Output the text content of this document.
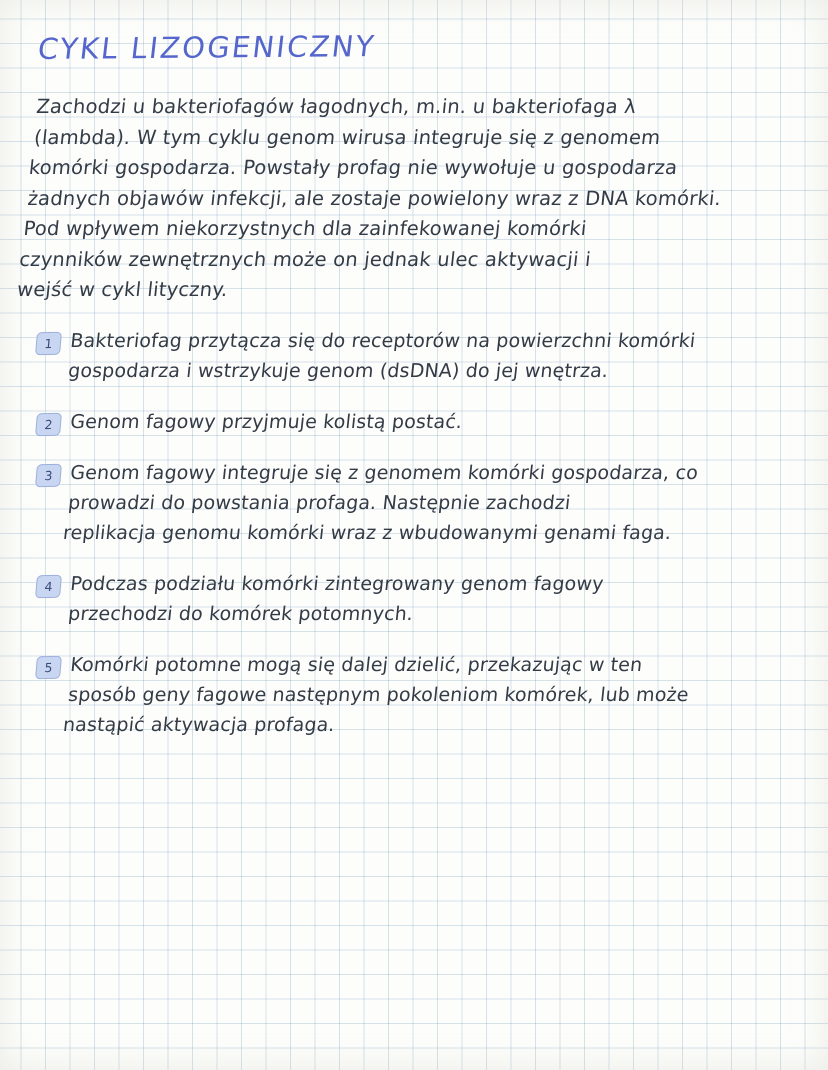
CYKL LIZOGENICZNY

Zachodzi u bakteriofagów łagodnych, m.in. u bakteriofaga λ
(lambda). W tym cyklu genom wirusa integruje się z genomem
komórki gospodarza. Powstały profag nie wywołuje u gospodarza
żadnych objawów infekcji, ale zostaje powielony wraz z DNA komórki.
Pod wpływem niekorzystnych dla zainfekowanej komórki
czynników zewnętrznych może on jednak ulec aktywacji i
wejść w cykl lityczny.

1 Bakteriofag przytącza się do receptorów na powierzchni komórki
gospodarza i wstrzykuje genom (dsDNA) do jej wnętrza.
2 Genom fagowy przyjmuje kolistą postać.
3 Genom fagowy integruje się z genomem komórki gospodarza, co
prowadzi do powstania profaga. Następnie zachodzi
replikacja genomu komórki wraz z wbudowanymi genami faga.
4 Podczas podziału komórki zintegrowany genom fagowy
przechodzi do komórek potomnych.
5 Komórki potomne mogą się dalej dzielić, przekazując w ten
sposób geny fagowe następnym pokoleniom komórek, lub może
nastąpić aktywacja profaga.
